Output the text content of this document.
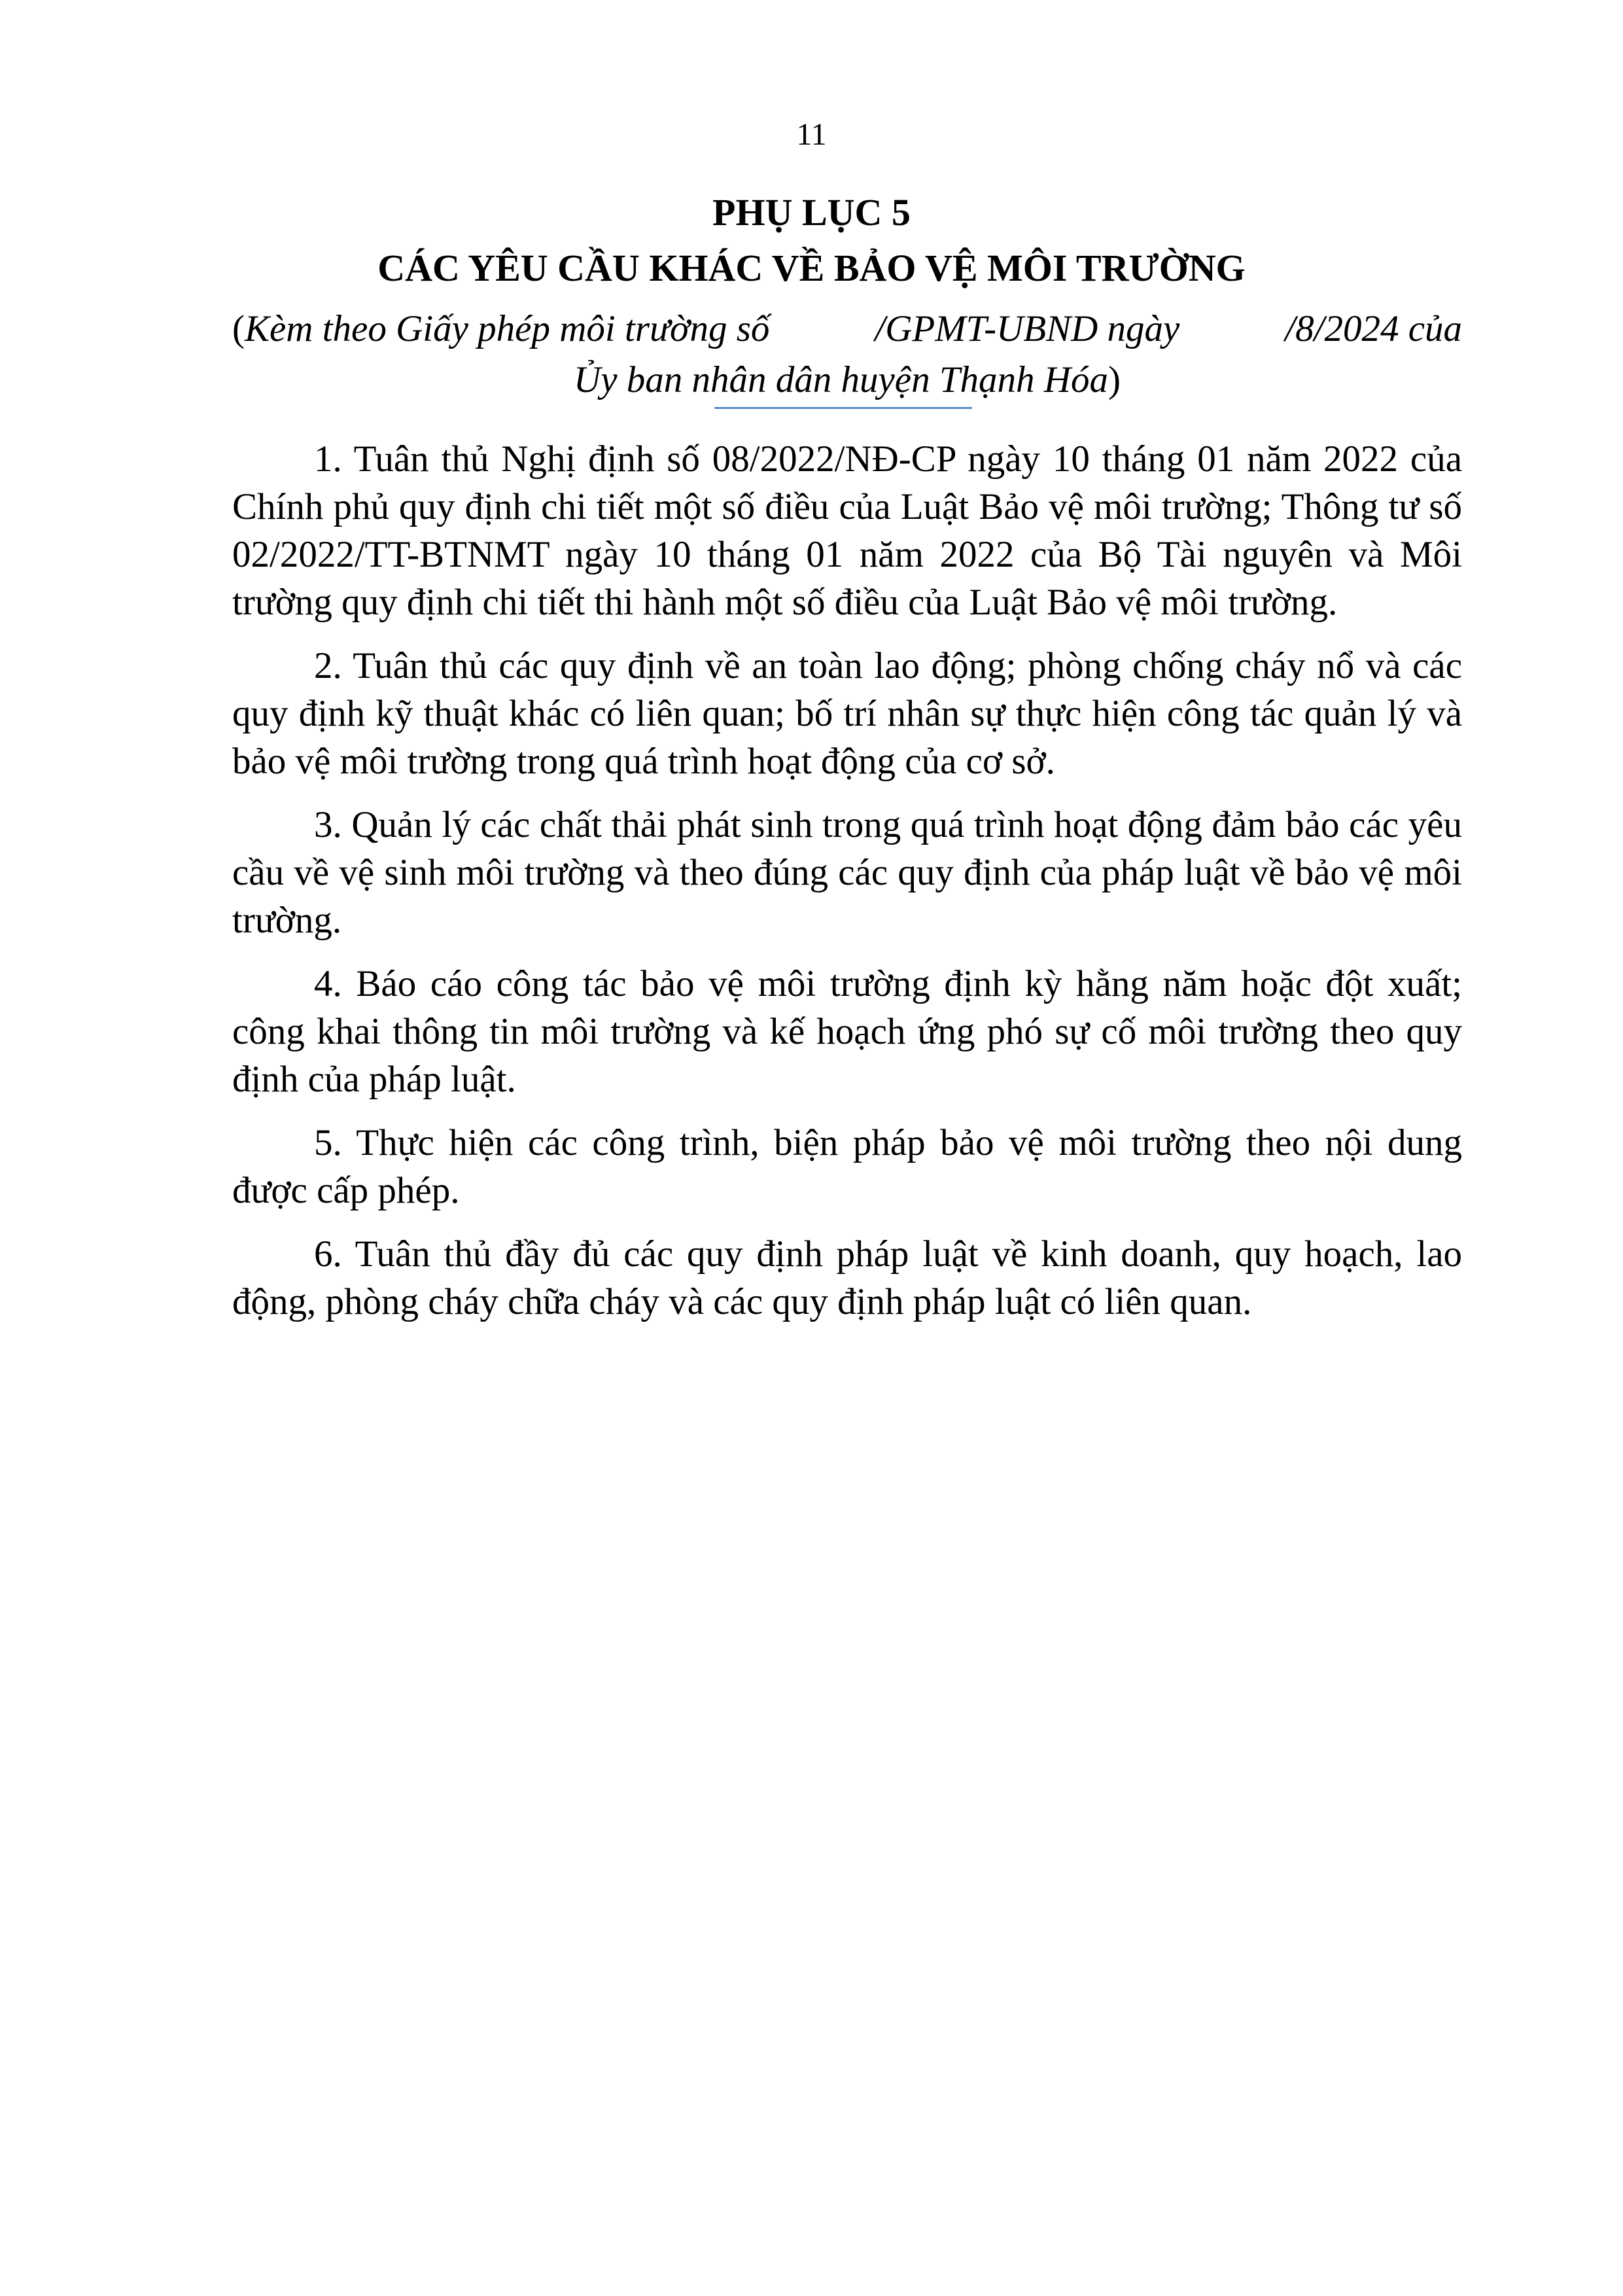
11
PHỤ LỤC 5
CÁC YÊU CẦU KHÁC VỀ BẢO VỆ MÔI TRƯỜNG
(Kèm theo Giấy phép môi trường số	/GPMT-UBND ngày	/8/2024 của
Ủy ban nhân dân huyện Thạnh Hóa)

1. Tuân thủ Nghị định số 08/2022/NĐ-CP ngày 10 tháng 01 năm 2022 của Chính phủ quy định chi tiết một số điều của Luật Bảo vệ môi trường; Thông tư số 02/2022/TT-BTNMT ngày 10 tháng 01 năm 2022 của Bộ Tài nguyên và Môi trường quy định chi tiết thi hành một số điều của Luật Bảo vệ môi trường.

2. Tuân thủ các quy định về an toàn lao động; phòng chống cháy nổ và các quy định kỹ thuật khác có liên quan; bố trí nhân sự thực hiện công tác quản lý và bảo vệ môi trường trong quá trình hoạt động của cơ sở.

3. Quản lý các chất thải phát sinh trong quá trình hoạt động đảm bảo các yêu cầu về vệ sinh môi trường và theo đúng các quy định của pháp luật về bảo vệ môi trường.

4. Báo cáo công tác bảo vệ môi trường định kỳ hằng năm hoặc đột xuất; công khai thông tin môi trường và kế hoạch ứng phó sự cố môi trường theo quy định của pháp luật.

5. Thực hiện các công trình, biện pháp bảo vệ môi trường theo nội dung được cấp phép.

6. Tuân thủ đầy đủ các quy định pháp luật về kinh doanh, quy hoạch, lao động, phòng cháy chữa cháy và các quy định pháp luật có liên quan.
